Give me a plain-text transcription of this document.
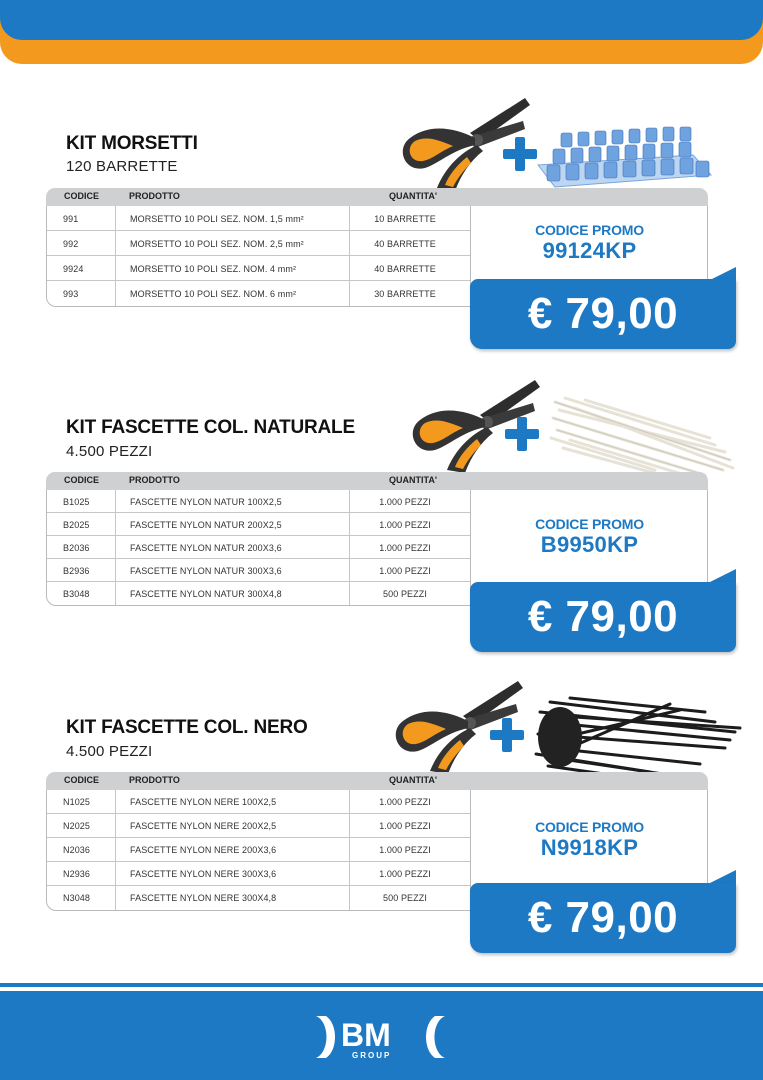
KIT MORSETTI
120 BARRETTE
CODICE	PRODOTTO	QUANTITA'
991	MORSETTO 10 POLI SEZ. NOM. 1,5 mm²	10 BARRETTE
992	MORSETTO 10 POLI SEZ. NOM. 2,5 mm²	40 BARRETTE
9924	MORSETTO 10 POLI SEZ. NOM. 4 mm²	40 BARRETTE
993	MORSETTO 10 POLI SEZ. NOM. 6 mm²	30 BARRETTE
CODICE PROMO
99124KP
€ 79,00
KIT FASCETTE COL. NATURALE
4.500 PEZZI
CODICE	PRODOTTO	QUANTITA'
B1025	FASCETTE NYLON NATUR 100X2,5	1.000 PEZZI
B2025	FASCETTE NYLON NATUR 200X2,5	1.000 PEZZI
B2036	FASCETTE NYLON NATUR 200X3,6	1.000 PEZZI
B2936	FASCETTE NYLON NATUR 300X3,6	1.000 PEZZI
B3048	FASCETTE NYLON NATUR 300X4,8	500 PEZZI
CODICE PROMO
B9950KP
€ 79,00
KIT FASCETTE COL. NERO
4.500 PEZZI
CODICE	PRODOTTO	QUANTITA'
N1025	FASCETTE NYLON NERE 100X2,5	1.000 PEZZI
N2025	FASCETTE NYLON NERE 200X2,5	1.000 PEZZI
N2036	FASCETTE NYLON NERE 200X3,6	1.000 PEZZI
N2936	FASCETTE NYLON NERE 300X3,6	1.000 PEZZI
N3048	FASCETTE NYLON NERE 300X4,8	500 PEZZI
CODICE PROMO
N9918KP
€ 79,00
BM
GROUP
